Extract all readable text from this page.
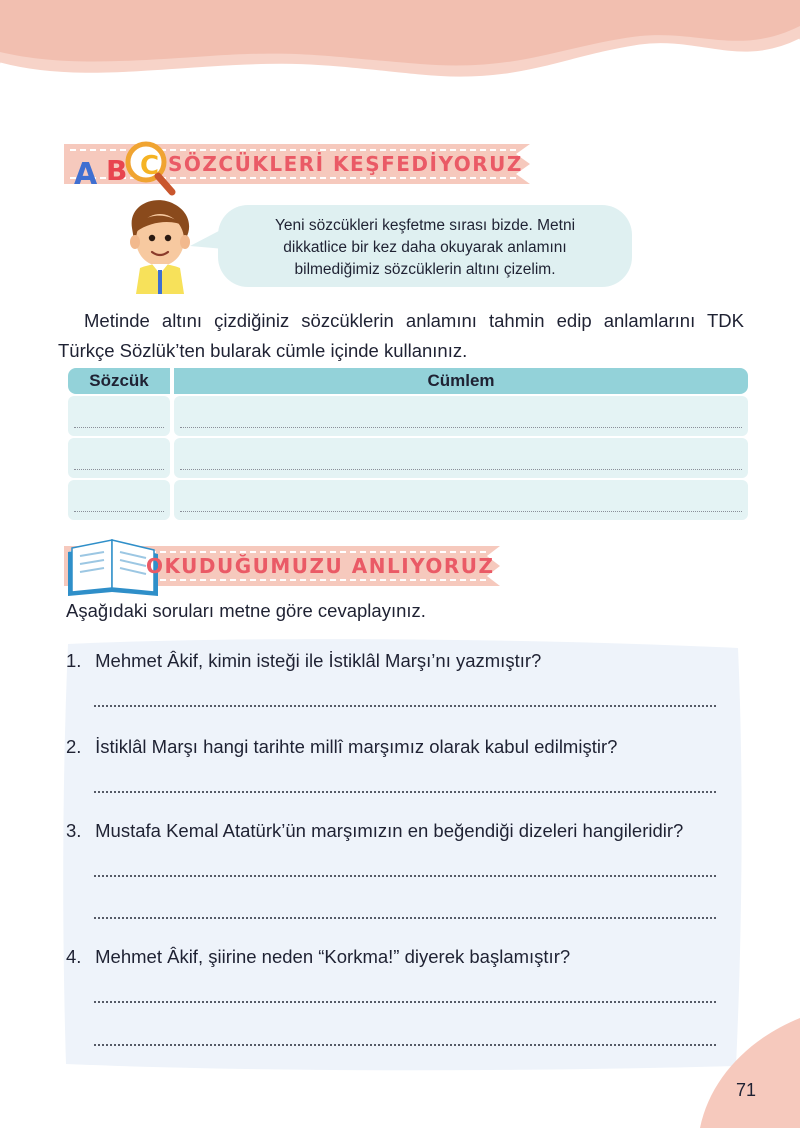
A B C SÖZCÜKLERİ KEŞFEDİYORUZ

Yeni sözcükleri keşfetme sırası bizde. Metni
dikkatlice bir kez daha okuyarak anlamını
bilmediğimiz sözcüklerin altını çizelim.

Metinde altını çizdiğiniz sözcüklerin anlamını tahmin edip anlamlarını TDK Türkçe Sözlük’ten bularak cümle içinde kullanınız.

Sözcük	Cümlem
OKUDUĞUMUZU ANLIYORUZ
Aşağıdaki soruları metne göre cevaplayınız.
1. Mehmet Âkif, kimin isteği ile İstiklâl Marşı’nı yazmıştır?
2. İstiklâl Marşı hangi tarihte millî marşımız olarak kabul edilmiştir?
3. Mustafa Kemal Atatürk’ün marşımızın en beğendiği dizeleri hangileridir?
4. Mehmet Âkif, şiirine neden “Korkma!” diyerek başlamıştır?
71
